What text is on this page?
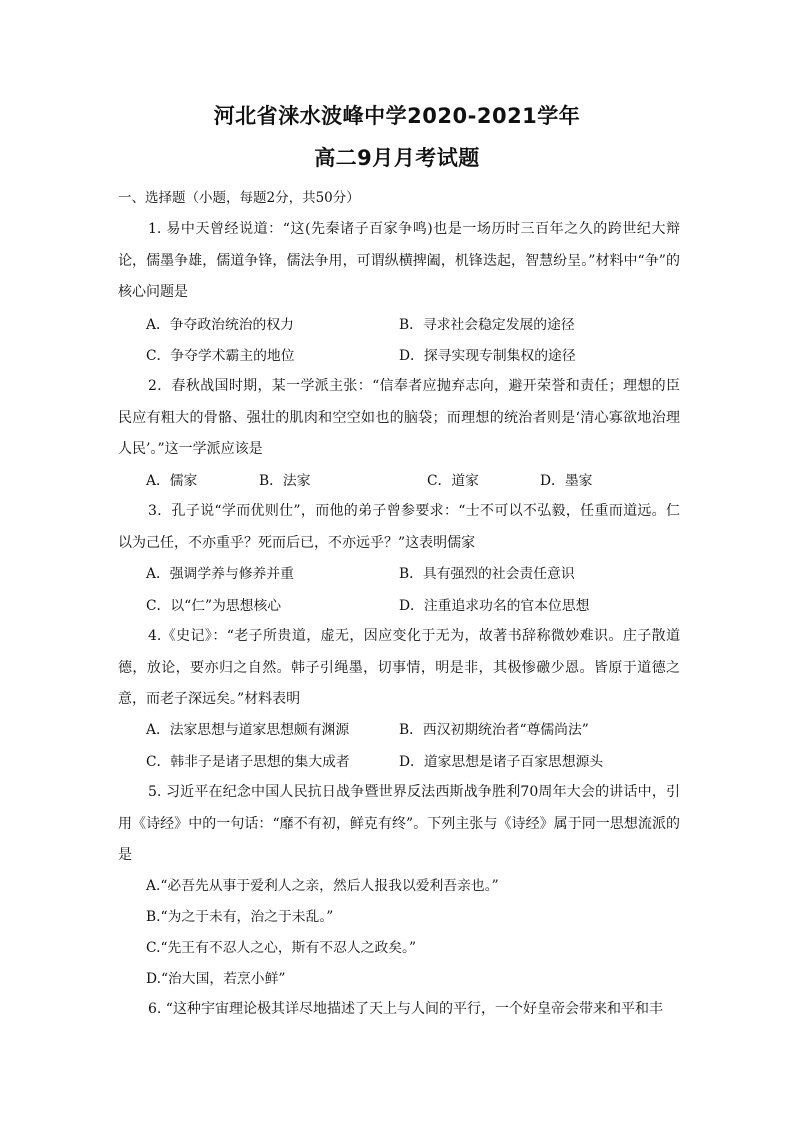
河北省涞水波峰中学2020-2021学年
高二9月月考试题

一、选择题（小题，每题2分，共50分）

1. 易中天曾经说道：“这(先秦诸子百家争鸣)也是一场历时三百年之久的跨世纪大辩论，儒墨争雄，儒道争锋，儒法争用，可谓纵横捭阖，机锋迭起，智慧纷呈。”材料中“争”的核心问题是

A．争夺政治统治的权力	B．寻求社会稳定发展的途径

C．争夺学术霸主的地位	D．探寻实现专制集权的途径

2．春秋战国时期，某一学派主张：“信奉者应抛弃志向，避开荣誉和责任；理想的臣民应有粗大的骨骼、强壮的肌肉和空空如也的脑袋；而理想的统治者则是‘清心寡欲地治理人民’。”这一学派应该是

A．儒家	B．法家	C．道家	D．墨家

3．孔子说“学而优则仕”，而他的弟子曾参要求：“士不可以不弘毅，任重而道远。仁以为己任，不亦重乎？死而后已，不亦远乎？”这表明儒家

A．强调学养与修养并重	B．具有强烈的社会责任意识

C．以“仁”为思想核心	D．注重追求功名的官本位思想

4.《史记》：“老子所贵道，虚无，因应变化于无为，故著书辞称微妙难识。庄子散道德，放论，要亦归之自然。韩子引绳墨，切事情，明是非，其极惨礉少恩。皆原于道德之意，而老子深远矣。”材料表明

A．法家思想与道家思想颇有渊源	B．西汉初期统治者“尊儒尚法”

C．韩非子是诸子思想的集大成者	D．道家思想是诸子百家思想源头

5. 习近平在纪念中国人民抗日战争暨世界反法西斯战争胜利70周年大会的讲话中，引用《诗经》中的一句话：“靡不有初，鲜克有终”。下列主张与《诗经》属于同一思想流派的是

A.“必吾先从事于爱利人之亲，然后人报我以爱利吾亲也。”

B.“为之于未有，治之于未乱。”

C.“先王有不忍人之心，斯有不忍人之政矣。”

D.“治大国，若烹小鲜”

6. “这种宇宙理论极其详尽地描述了天上与人间的平行，一个好皇帝会带来和平和丰
